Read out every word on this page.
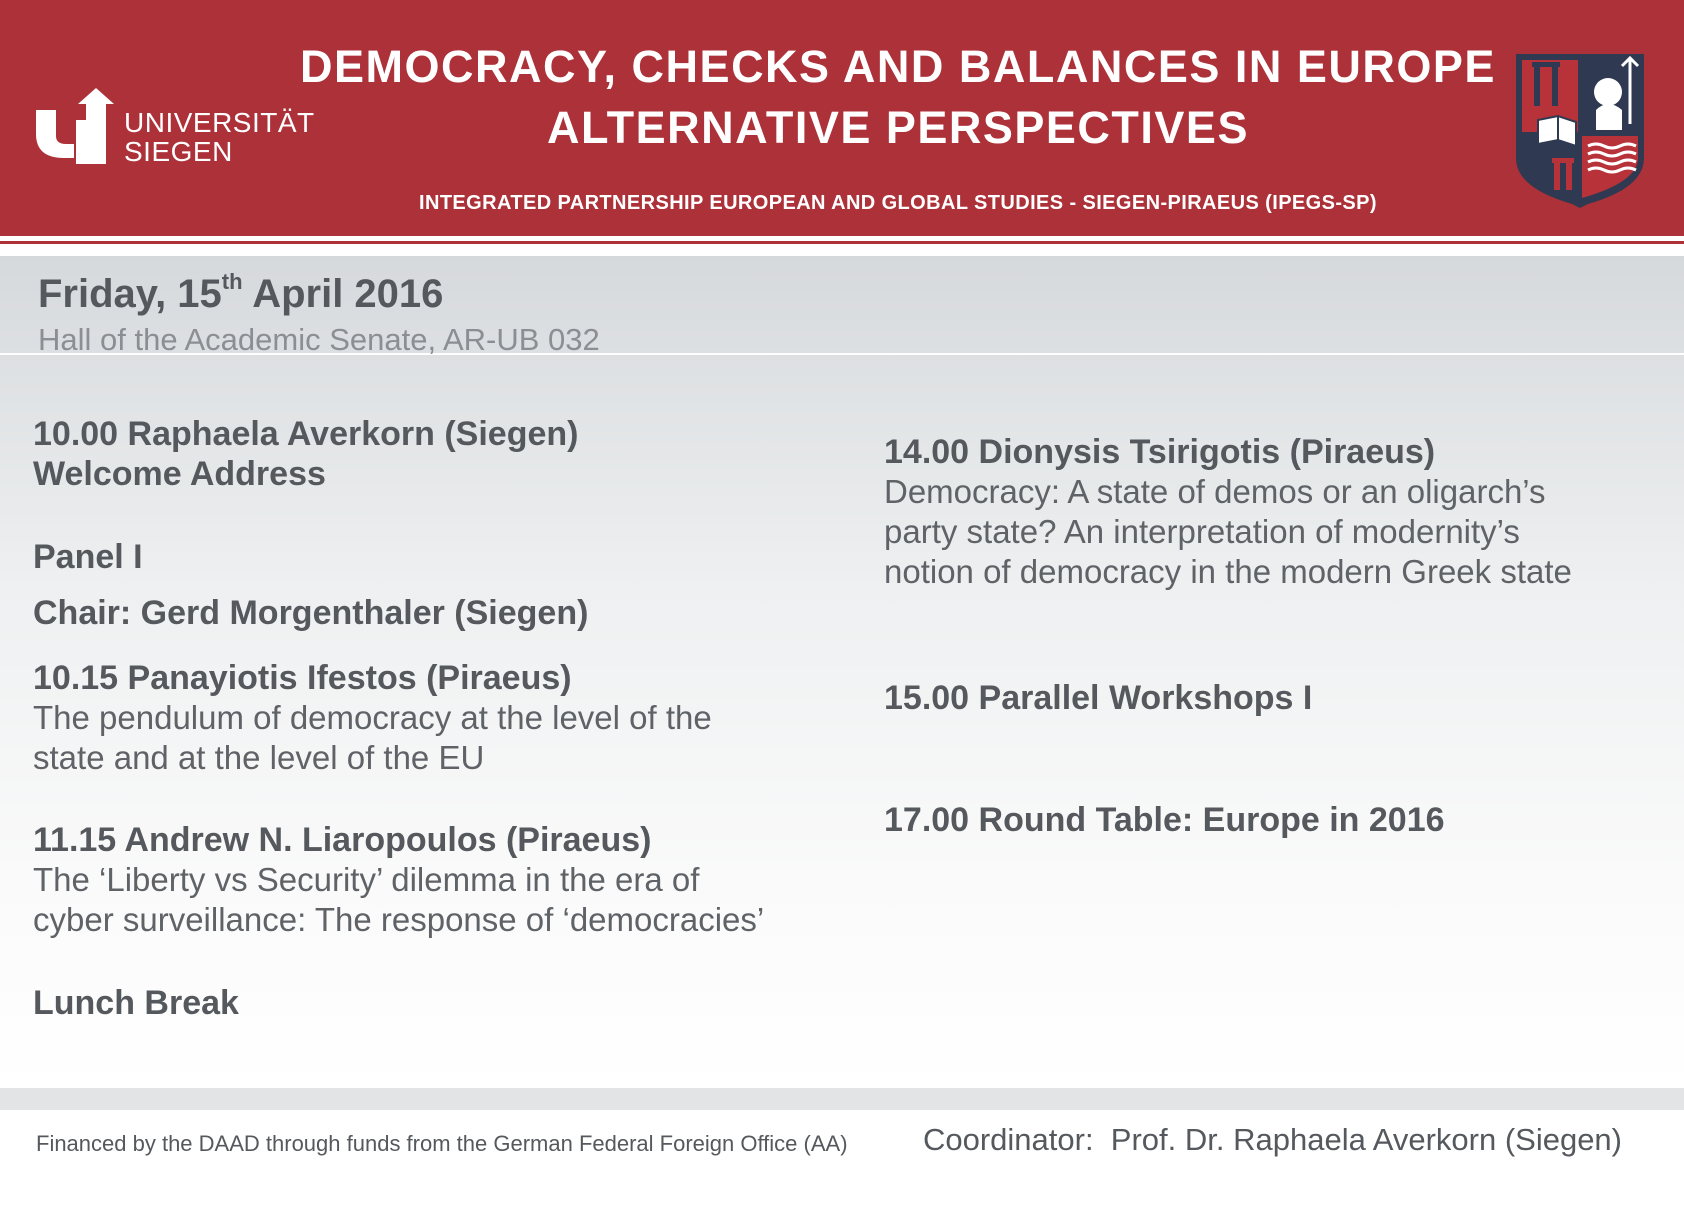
UNIVERSITÄT
SIEGEN
DEMOCRACY, CHECKS AND BALANCES IN EUROPE
ALTERNATIVE PERSPECTIVES
INTEGRATED PARTNERSHIP EUROPEAN AND GLOBAL STUDIES - SIEGEN-PIRAEUS (IPEGS-SP)
Friday, 15th April 2016
Hall of the Academic Senate, AR-UB 032
10.00 Raphaela Averkorn (Siegen)
Welcome Address
Panel I
Chair: Gerd Morgenthaler (Siegen)
10.15 Panayiotis Ifestos (Piraeus)
The pendulum of democracy at the level of the
state and at the level of the EU
11.15 Andrew N. Liaropoulos (Piraeus)
The ‘Liberty vs Security’ dilemma in the era of
cyber surveillance: The response of ‘democracies’
Lunch Break
14.00 Dionysis Tsirigotis (Piraeus)
Democracy: A state of demos or an oligarch’s
party state? An interpretation of modernity’s
notion of democracy in the modern Greek state
15.00 Parallel Workshops I
17.00 Round Table: Europe in 2016
Financed by the DAAD through funds from the German Federal Foreign Office (AA) Coordinator:  Prof. Dr. Raphaela Averkorn (Siegen)
